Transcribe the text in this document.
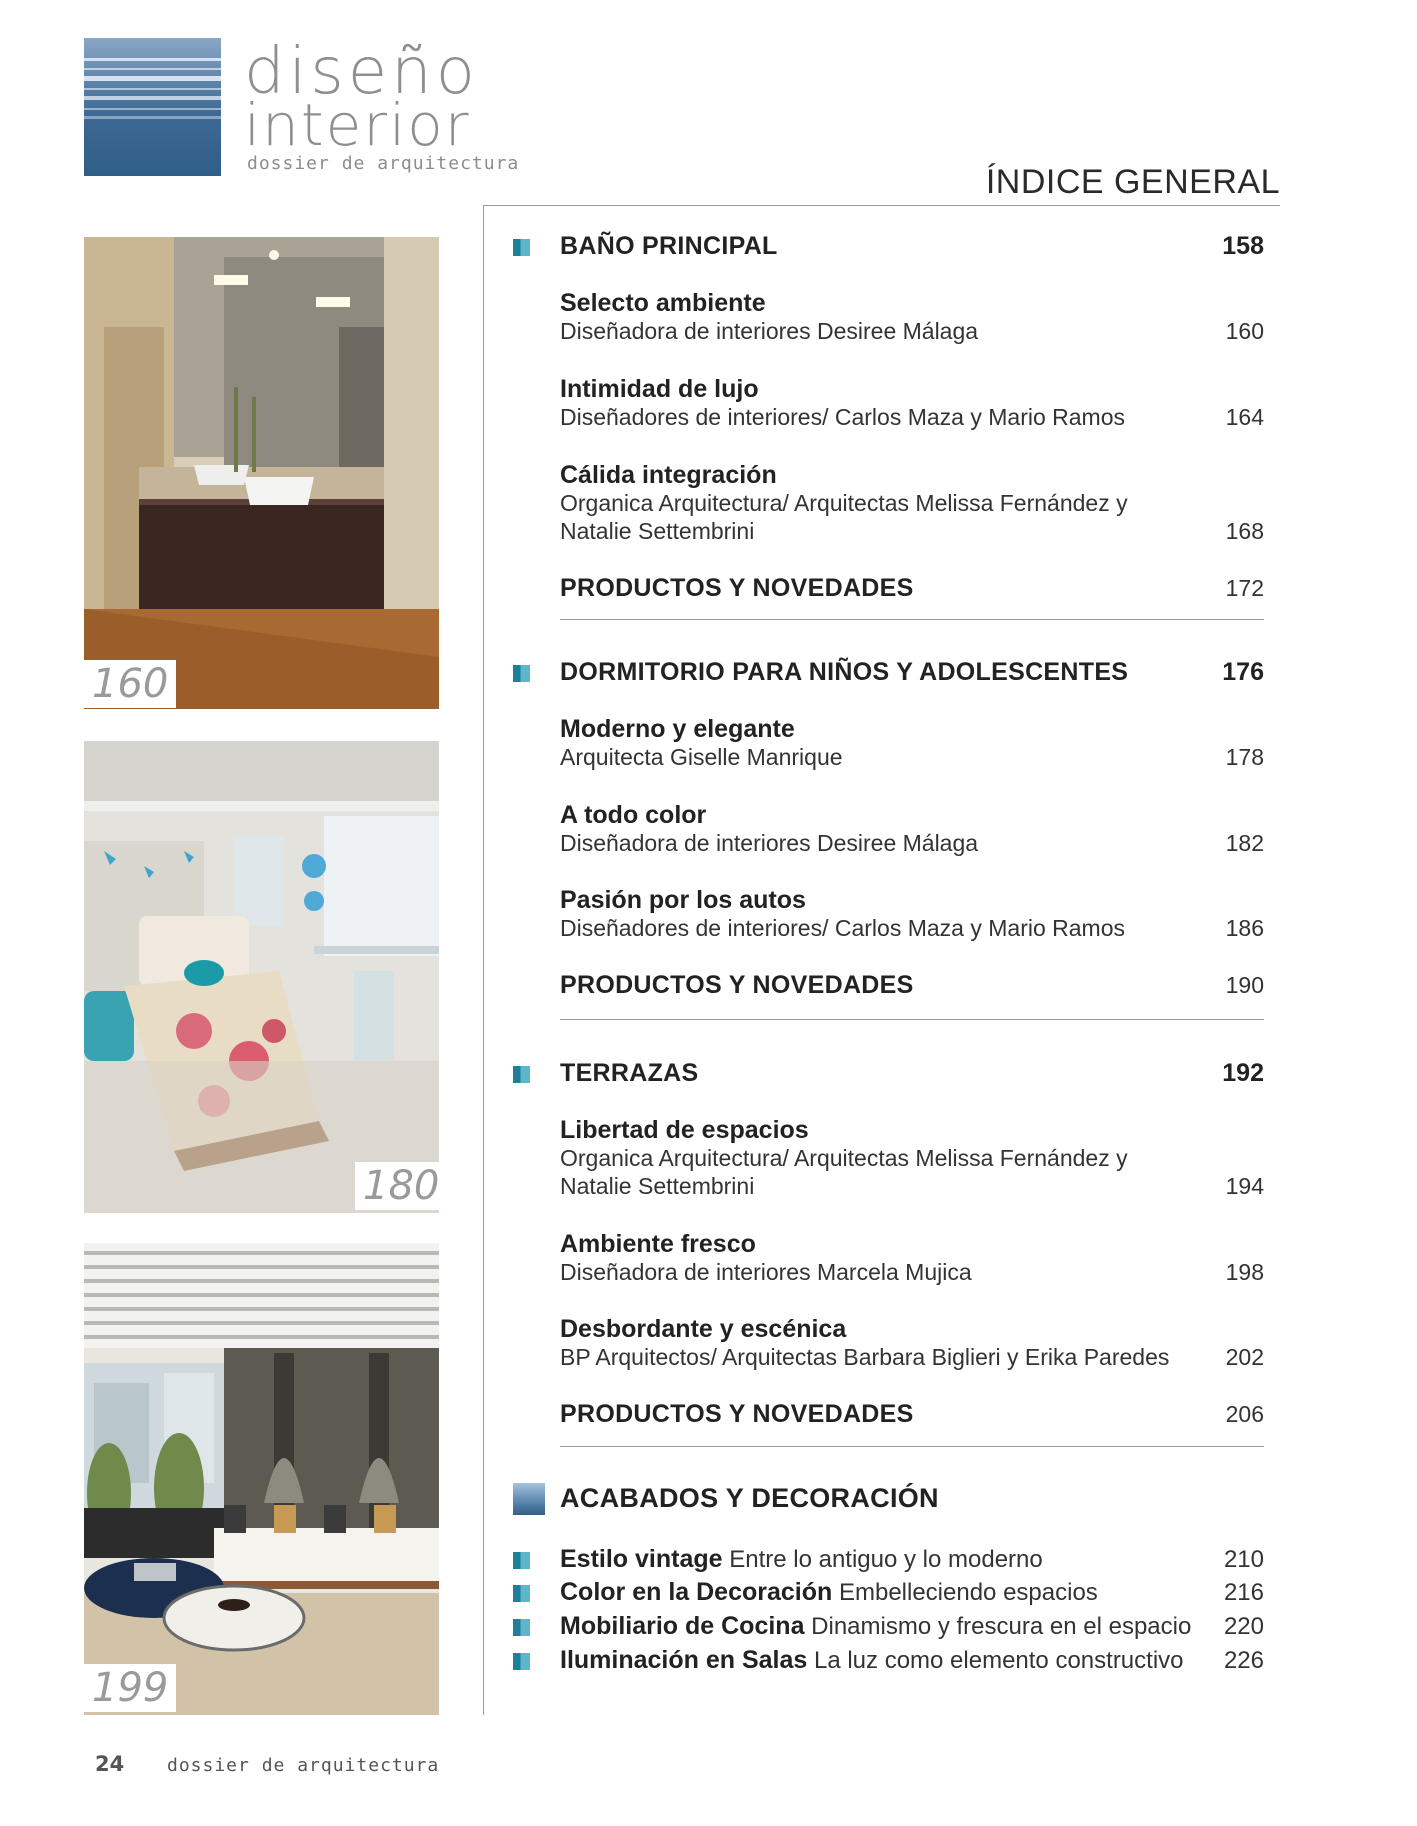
diseño
interior
dossier de arquitectura	ÍNDICE GENERAL
160
180
199
BAÑO PRINCIPAL	158
Selecto ambiente
Diseñadora de interiores Desiree Málaga	160
Intimidad de lujo
Diseñadores de interiores/ Carlos Maza y Mario Ramos	164
Cálida integración
Organica Arquitectura/ Arquitectas Melissa Fernández y
Natalie Settembrini	168
PRODUCTOS Y NOVEDADES	172
DORMITORIO PARA NIÑOS Y ADOLESCENTES	176
Moderno y elegante
Arquitecta Giselle Manrique	178
A todo color
Diseñadora de interiores Desiree Málaga	182
Pasión por los autos
Diseñadores de interiores/ Carlos Maza y Mario Ramos	186
PRODUCTOS Y NOVEDADES	190
TERRAZAS	192
Libertad de espacios
Organica Arquitectura/ Arquitectas Melissa Fernández y
Natalie Settembrini	194
Ambiente fresco
Diseñadora de interiores Marcela Mujica	198
Desbordante y escénica
BP Arquitectos/ Arquitectas Barbara Biglieri y Erika Paredes 202
PRODUCTOS Y NOVEDADES	206
ACABADOS Y DECORACIÓN
Estilo vintage Entre lo antiguo y lo moderno	210
Color en la Decoración Embelleciendo espacios	216
Mobiliario de Cocina Dinamismo y frescura en el espacio 220
Iluminación en Salas La luz como elemento constructivo 226
24 dossier de arquitectura
